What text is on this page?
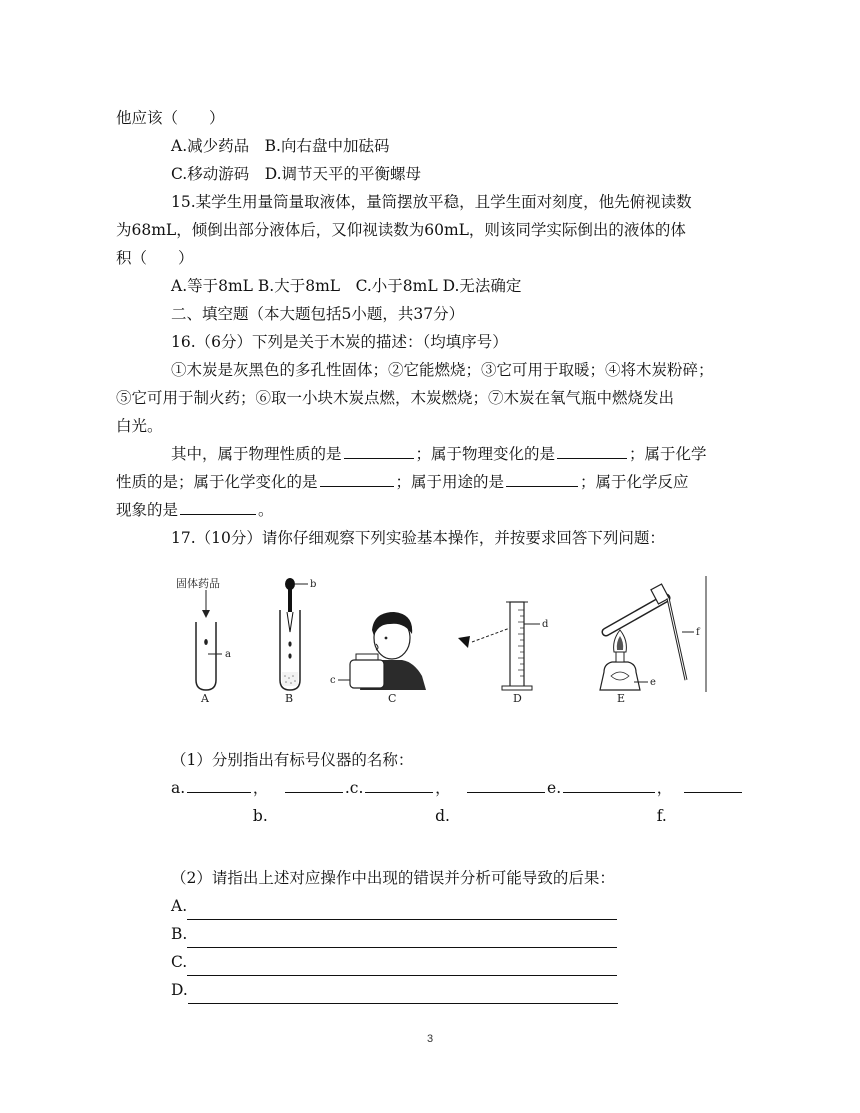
他应该（　　）

A.减少药品　B.向右盘中加砝码

C.移动游码　D.调节天平的平衡螺母

15.某学生用量筒量取液体，量筒摆放平稳，且学生面对刻度，他先俯视读数

为68mL，倾倒出部分液体后，又仰视读数为60mL，则该同学实际倒出的液体的体

积（　　）

A.等于8mL B.大于8mL　C.小于8mL D.无法确定

二、填空题（本大题包括5小题，共37分）

16.（6分）下列是关于木炭的描述：（均填序号）

①木炭是灰黑色的多孔性固体；②它能燃烧；③它可用于取暖；④将木炭粉碎；

⑤它可用于制火药；⑥取一小块木炭点燃，木炭燃烧；⑦木炭在氧气瓶中燃烧发出

白光。

其中，属于物理性质的是	；属于物理变化的是	；属于化学

性质的是；属于化学变化的是	；属于用途的是	；属于化学反应

现象的是	。

17.（10分）请你仔细观察下列实验基本操作，并按要求回答下列问题：

固体药品
a
A
b
B
c
C
d
D
e
f
E

（1）分别指出有标号仪器的名称：

a.	，b.
.c.	，d.
e.	，f.

（2）请指出上述对应操作中出现的错误并分析可能导致的后果：

A.

B.

C.

D.

3
